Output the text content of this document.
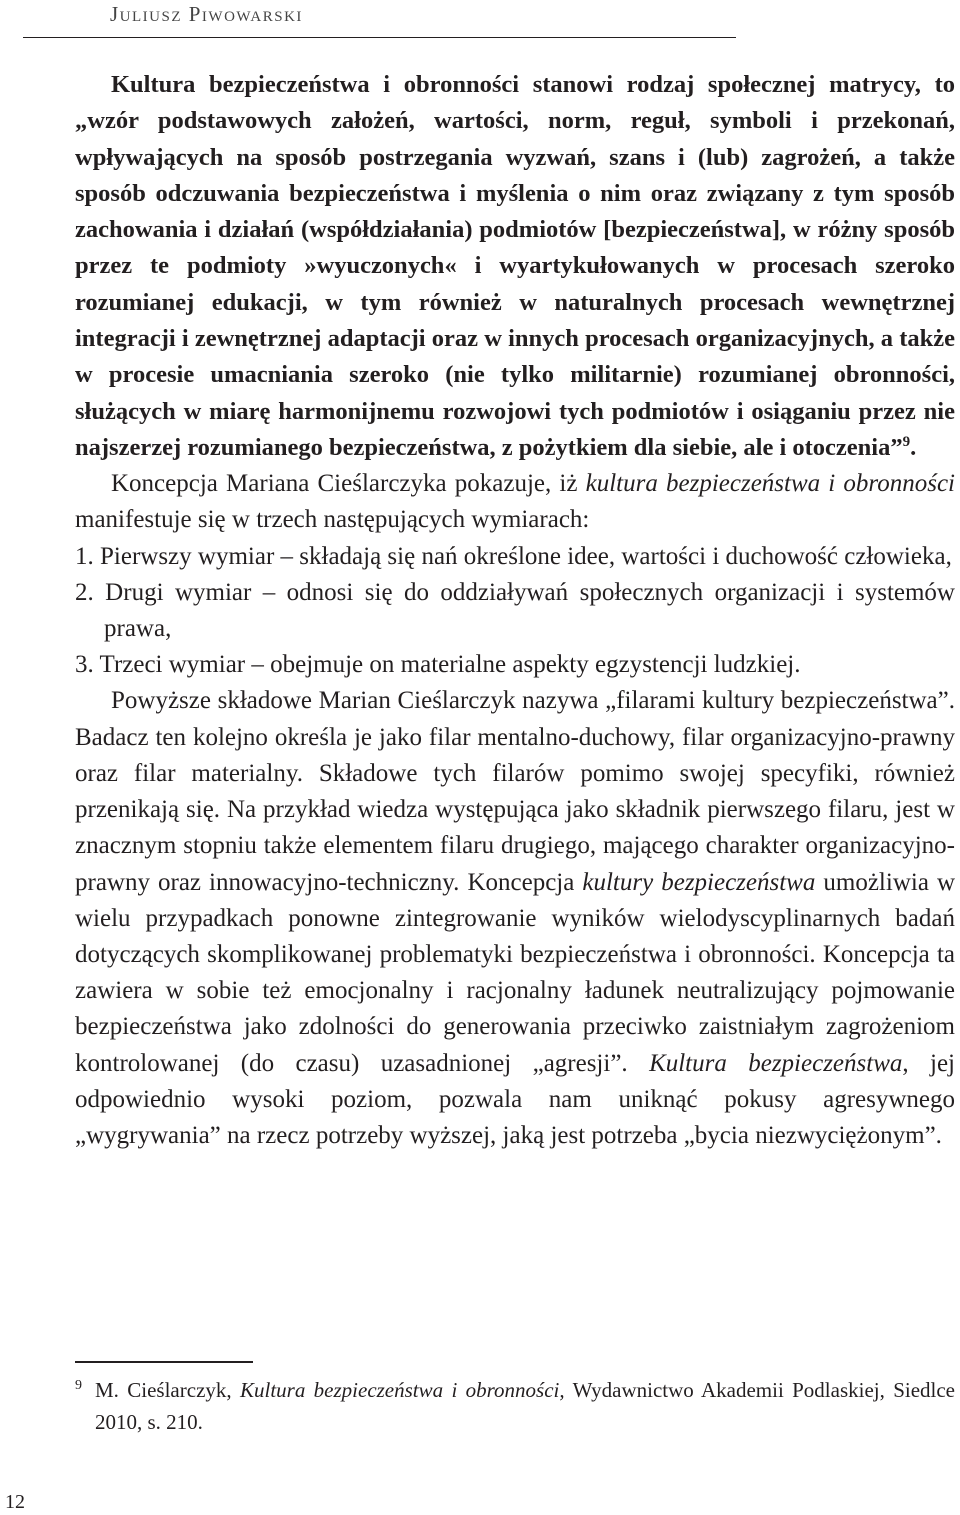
Juliusz Piwowarski

Kultura bezpieczeństwa i obronności stanowi rodzaj społecznej matrycy, to „wzór podstawowych założeń, wartości, norm, reguł, symboli i przekonań, wpływających na sposób postrzegania wyzwań, szans i (lub) zagrożeń, a także sposób odczuwania bezpieczeństwa i myślenia o nim oraz związany z tym sposób zachowania i działań (współdziałania) podmiotów [bezpieczeństwa], w różny sposób przez te podmioty »wyuczonych« i wyartykułowanych w procesach szeroko rozumianej edukacji, w tym również w naturalnych procesach wewnętrznej integracji i zewnętrznej adaptacji oraz w innych procesach organizacyjnych, a także w procesie umacniania szeroko (nie tylko militarnie) rozumianej obronności, służących w miarę harmonijnemu rozwojowi tych podmiotów i osiąganiu przez nie najszerzej rozumianego bezpieczeństwa, z pożytkiem dla siebie, ale i otoczenia”$^9$.

Koncepcja Mariana Cieślarczyka pokazuje, iż kultura bezpieczeństwa i obronności manifestuje się w trzech następujących wymiarach:

1. Pierwszy wymiar – składają się nań określone idee, wartości i duchowość człowieka,

2. Drugi wymiar – odnosi się do oddziaływań społecznych organizacji i systemów prawa,

3. Trzeci wymiar – obejmuje on materialne aspekty egzystencji ludzkiej.

Powyższe składowe Marian Cieślarczyk nazywa „filarami kultury bezpieczeństwa”. Badacz ten kolejno określa je jako filar mentalno-duchowy, filar organizacyjno-prawny oraz filar materialny. Składowe tych filarów pomimo swojej specyfiki, również przenikają się. Na przykład wiedza występująca jako składnik pierwszego filaru, jest w znacznym stopniu także elementem filaru drugiego, mającego charakter organizacyjno-prawny oraz innowacyjno-techniczny. Koncepcja kultury bezpieczeństwa umożliwia w wielu przypadkach ponowne zintegrowanie wyników wielodyscyplinarnych badań dotyczących skomplikowanej problematyki bezpieczeństwa i obronności. Koncepcja ta zawiera w sobie też emocjonalny i racjonalny ładunek neutralizujący pojmowanie bezpieczeństwa jako zdolności do generowania przeciwko zaistniałym zagrożeniom kontrolowanej (do czasu) uzasadnionej „agresji”. Kultura bezpieczeństwa, jej odpowiednio wysoki poziom, pozwala nam uniknąć pokusy agresywnego „wygrywania” na rzecz potrzeby wyższej, jaką jest potrzeba „bycia niezwyciężonym”.

9 M. Cieślarczyk, Kultura bezpieczeństwa i obronności, Wydawnictwo Akademii Podlaskiej, Siedlce 2010, s. 210.
12
